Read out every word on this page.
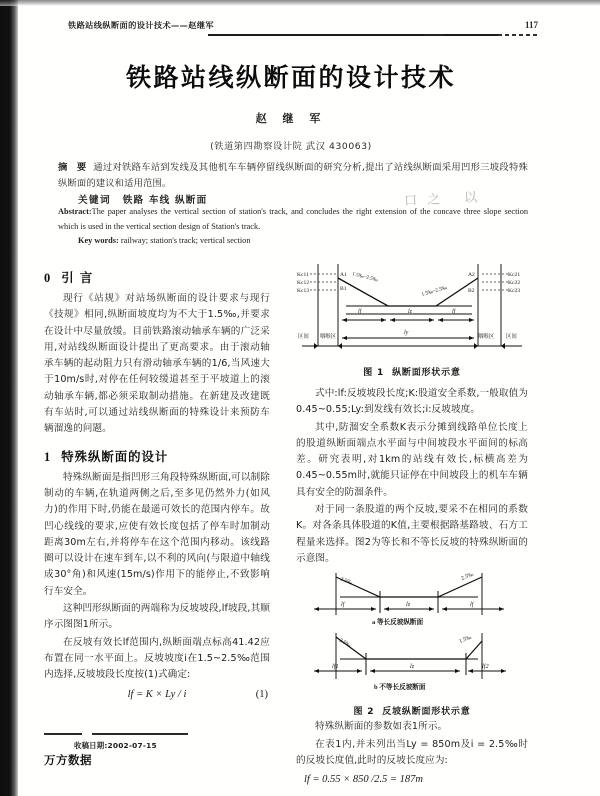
铁路站线纵断面的设计技术——赵继军	117
铁路站线纵断面的设计技术
赵 继 军
(铁道第四勘察设计院 武汉 430063)
摘 要 通过对铁路车站到发线及其他机车车辆停留线纵断面的研究分析,提出了站线纵断面采用凹形三坡段特殊纵断面的建议和适用范围。
关键词 铁路 车线 纵断面	口之 以
Abstract:The paper analyses the vertical section of station's track, and concludes the right extension of the concave three slope section which is used in the vertical section design of Station's track.
Key words: railway; station's track; vertical section
0 引 言

现行《站规》对站场纵断面的设计要求与现行《技规》相同,纵断面坡度均为不大于1.5‰,并要求在设计中尽量放缓。目前铁路滚动轴承车辆的广泛采用,对站线纵断面设计提出了更高要求。由于滚动轴承车辆的起动阻力只有滑动轴承车辆的1/6,当风速大于10m/s时,对停在任何较缓道甚至于平坡道上的滚动轴承车辆,都必须采取制动措施。在新建及改建既有车站时,可以通过站线纵断面的特殊设计来预防车辆溜逸的问题。

1 特殊纵断面的设计

特殊纵断面是指凹形三角段特殊纵断面,可以制除制动的车辆,在轨道两侧之后,至多见仍然外力(如风力)的作用下时,仍能在最遥可效长的范围内停车。故凹心线线的要求,应使有效长度包括了停车时加制动距离30m左右,并将停车在这个范围内移动。该线路圈可以设计在速车到车,以不利的风向(与限道中轴线成30°角)和风速(15m/s)作用下的能停止,不致影响行车安全。

这种凹形纵断面的两端称为反坡坡段,lf坡段,其顺序示图图1所示。

在反坡有效长lf范围内,纵断面端点标高41.42应布置在同一水平面上。反坡坡度i在1.5~2.5‰范围内选择,反坡坡段长度按(1)式确定:

lf = K × Ly / i	(1)
Kc11
Kc12
Kc13
Kc21
Kc22
Kc23
A1
B1
A2
B2
1.5‰~2.5‰
1.5‰~2.5‰
lf	lz	lf
ly
区间 咽喉区	咽喉区 区间
图 1 纵断面形状示意

式中:lf:反坡坡段长度;K:股道安全系数,一般取值为0.45~0.55;Ly:到发线有效长;i:反坡坡度。

其中,防溜安全系数K表示分摊到线路单位长度上的股道纵断面端点水平面与中间坡段水平面间的标高差。研究表明,对1km的站线有效长,标横高差为0.45~0.55m时,就能只证停在中间坡段上的机车车辆具有安全的防溜条件。

对于同一条股道的两个反坡,要采不在相同的系数K。对各条具体股道的K值,主要根据路基路坡、石方工程量来选择。图2为等长和不等长反坡的特殊纵断面的示意图。

2.5‰	2.5‰
lf	lz	lf
a 等长反坡纵断面
2.5‰	1.5‰
lf1	lz	lf2
b 不等长反坡断面
图 2 反坡纵断面形状示意

特殊纵断面的参数如表1所示。

在表1内,并未列出当Ly = 850m及i = 2.5‰时的反坡长度值,此时的反坡长度应为:

lf = 0.55 × 850 /2.5 = 187m
收稿日期:2002-07-15
万方数据
